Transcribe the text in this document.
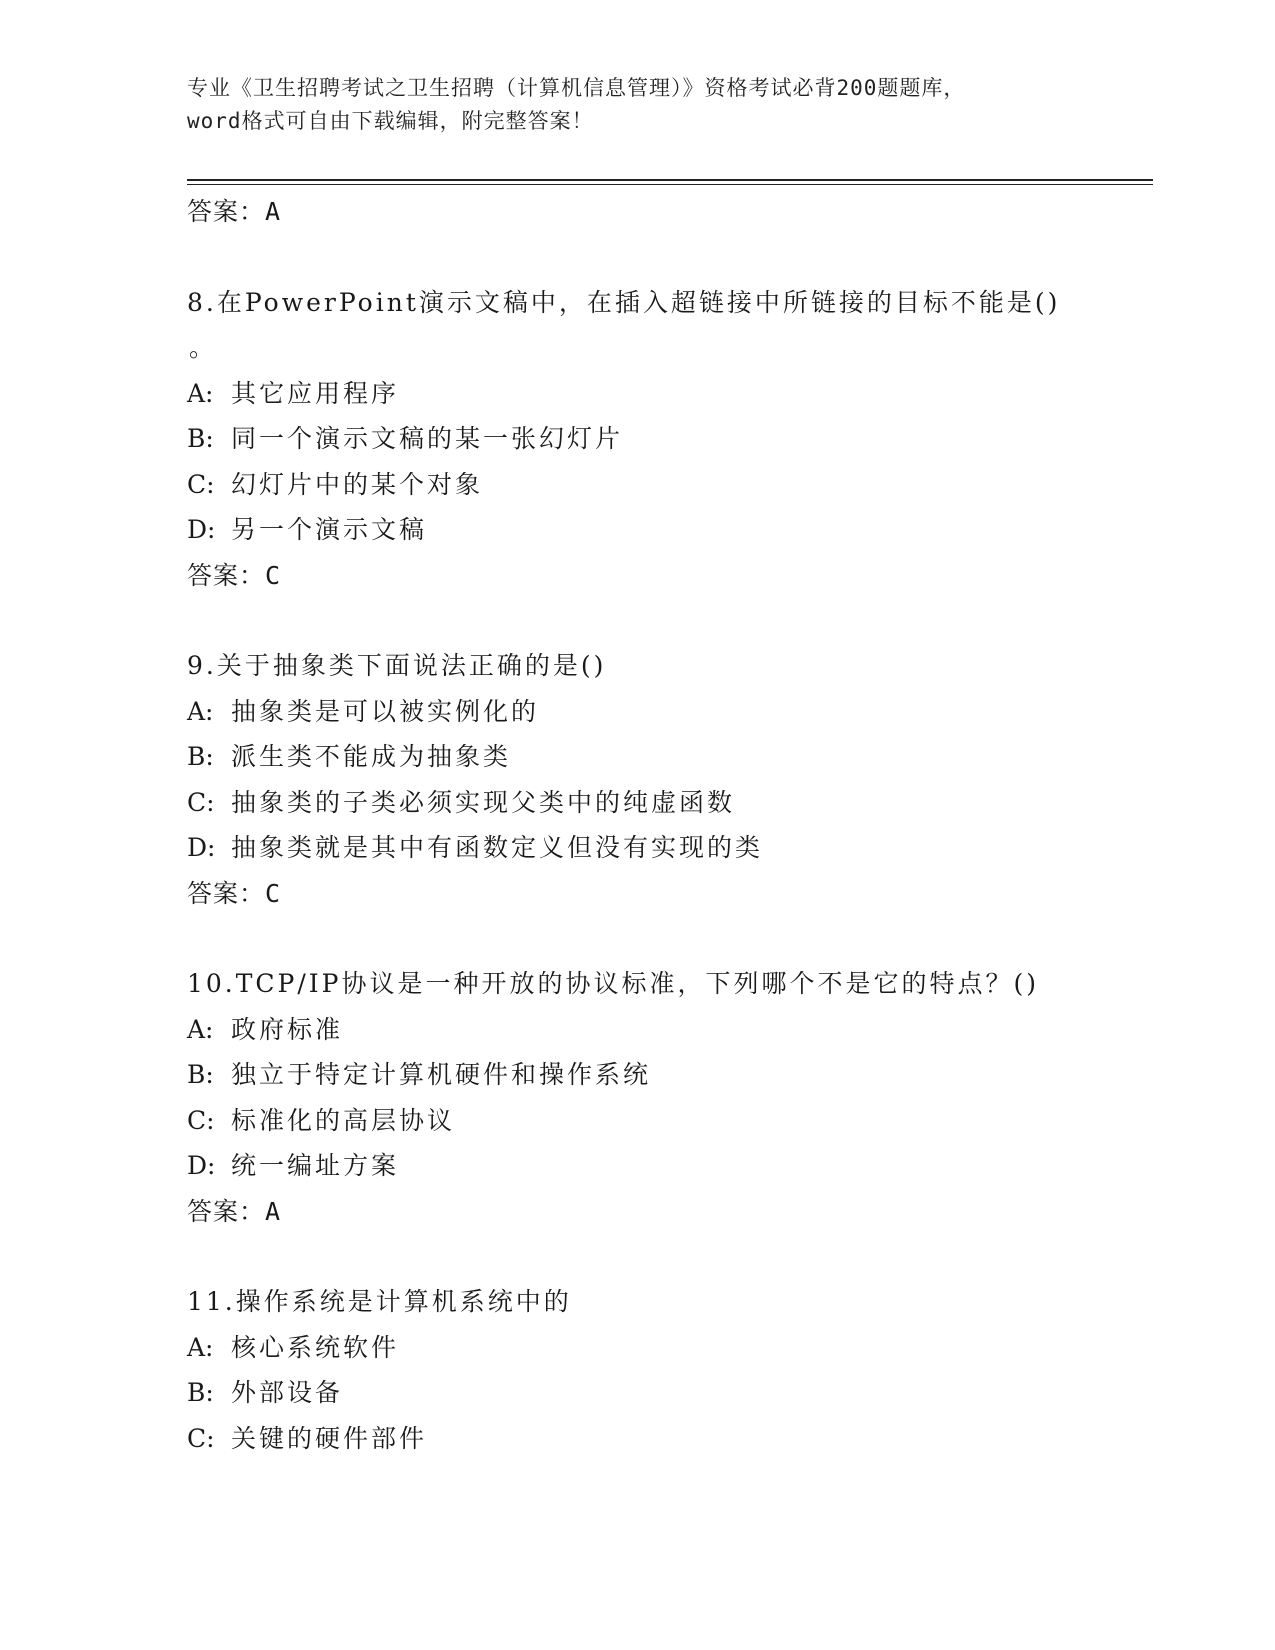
专业《卫生招聘考试之卫生招聘（计算机信息管理）》资格考试必背200题题库，
word格式可自由下载编辑，附完整答案！
答案：A
8.在PowerPoint演示文稿中，在插入超链接中所链接的目标不能是()
。
A: 其它应用程序
B: 同一个演示文稿的某一张幻灯片
C: 幻灯片中的某个对象
D: 另一个演示文稿
答案：C
9.关于抽象类下面说法正确的是()
A: 抽象类是可以被实例化的
B: 派生类不能成为抽象类
C: 抽象类的子类必须实现父类中的纯虚函数
D: 抽象类就是其中有函数定义但没有实现的类
答案：C
10.TCP/IP协议是一种开放的协议标准，下列哪个不是它的特点？()
A: 政府标准
B: 独立于特定计算机硬件和操作系统
C: 标准化的高层协议
D: 统一编址方案
答案：A
11.操作系统是计算机系统中的
A: 核心系统软件
B: 外部设备
C: 关键的硬件部件
